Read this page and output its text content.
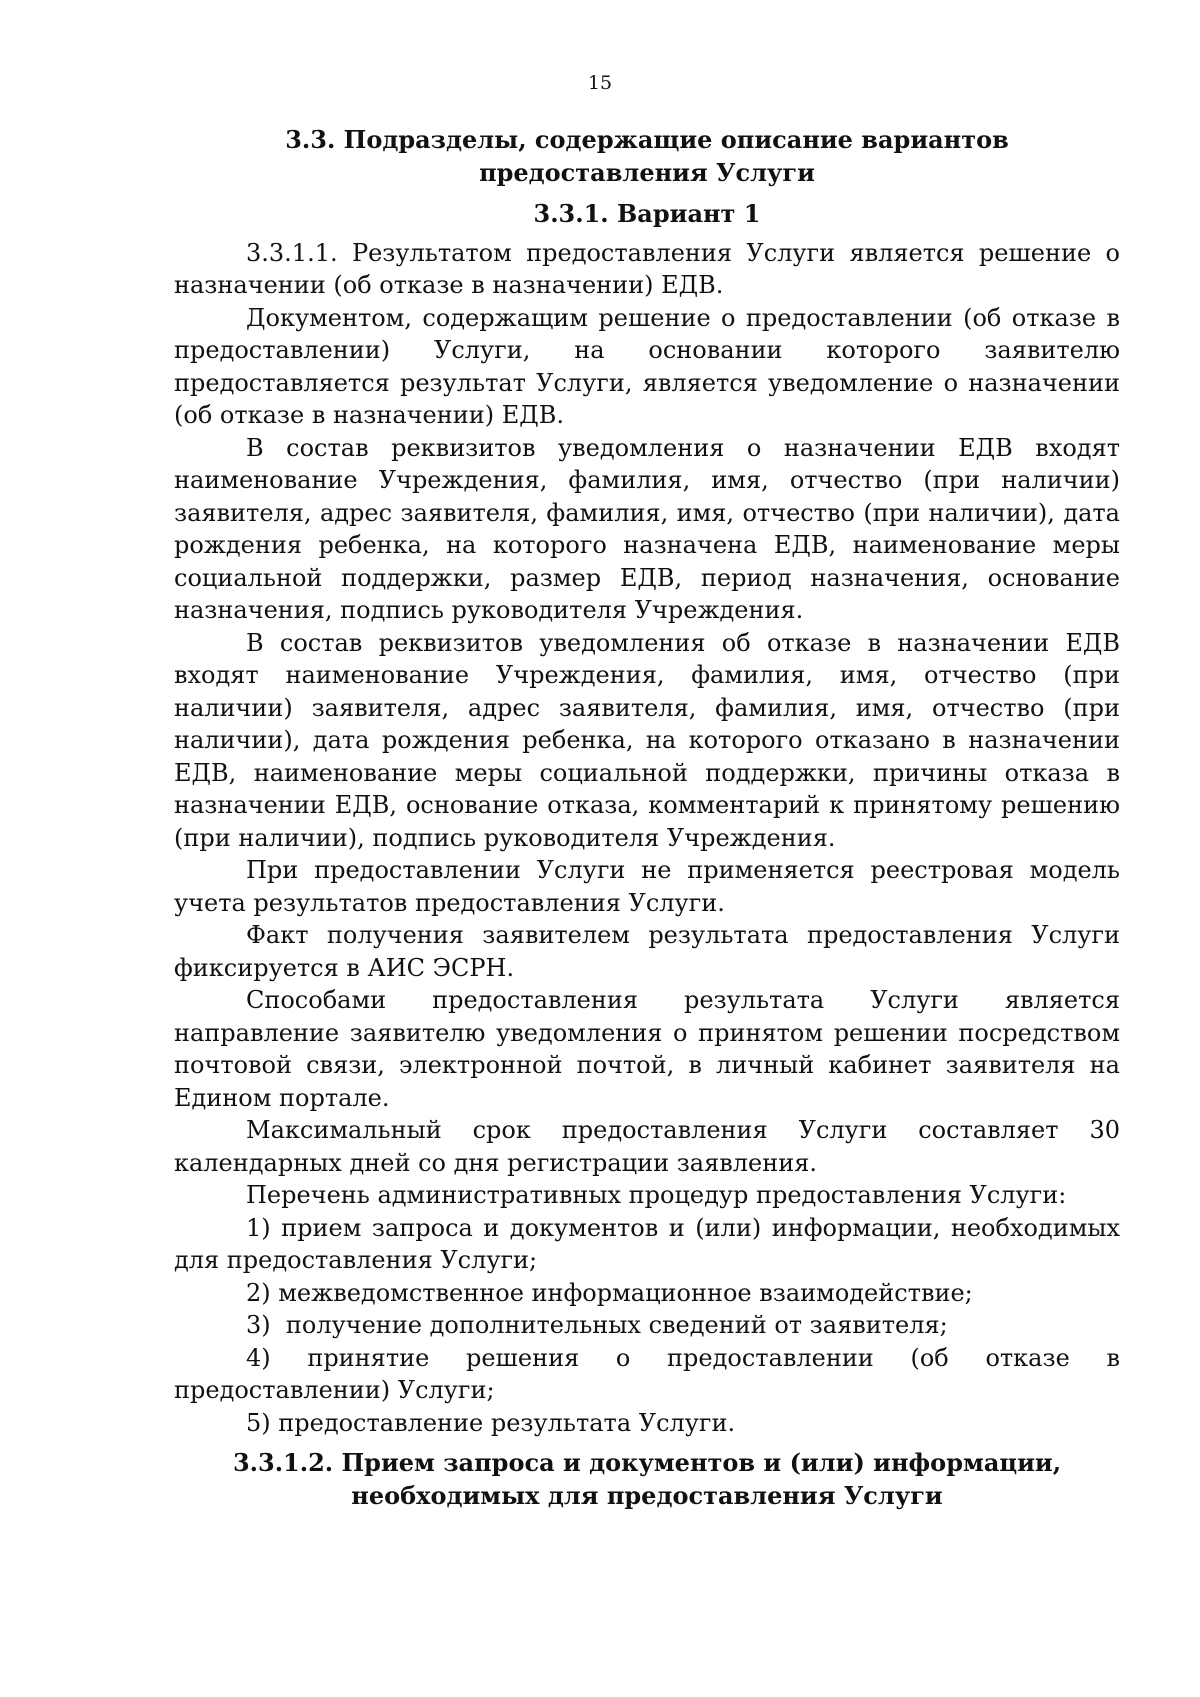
15

3.3. Подразделы, содержащие описание вариантов предоставления Услуги

3.3.1. Вариант 1

3.3.1.1. Результатом предоставления Услуги является решение о назначении (об отказе в назначении) ЕДВ.

Документом, содержащим решение о предоставлении (об отказе в предоставлении) Услуги, на основании которого заявителю предоставляется результат Услуги, является уведомление о назначении (об отказе в назначении) ЕДВ.

В состав реквизитов уведомления о назначении ЕДВ входят наименование Учреждения, фамилия, имя, отчество (при наличии) заявителя, адрес заявителя, фамилия, имя, отчество (при наличии), дата рождения ребенка, на которого назначена ЕДВ, наименование меры социальной поддержки, размер ЕДВ, период назначения, основание назначения, подпись руководителя Учреждения.

В состав реквизитов уведомления об отказе в назначении ЕДВ входят наименование Учреждения, фамилия, имя, отчество (при наличии) заявителя, адрес заявителя, фамилия, имя, отчество (при наличии), дата рождения ребенка, на которого отказано в назначении ЕДВ, наименование меры социальной поддержки, причины отказа в назначении ЕДВ, основание отказа, комментарий к принятому решению (при наличии), подпись руководителя Учреждения.

При предоставлении Услуги не применяется реестровая модель учета результатов предоставления Услуги.

Факт получения заявителем результата предоставления Услуги фиксируется в АИС ЭСРН.

Способами предоставления результата Услуги является направление заявителю уведомления о принятом решении посредством почтовой связи, электронной почтой, в личный кабинет заявителя на Едином портале.

Максимальный срок предоставления Услуги составляет 30 календарных дней со дня регистрации заявления.

Перечень административных процедур предоставления Услуги:

1) прием запроса и документов и (или) информации, необходимых для предоставления Услуги;

2) межведомственное информационное взаимодействие;

3)  получение дополнительных сведений от заявителя;

4) принятие решения о предоставлении (об отказе в предоставлении) Услуги;

5) предоставление результата Услуги.

3.3.1.2. Прием запроса и документов и (или) информации, необходимых для предоставления Услуги
